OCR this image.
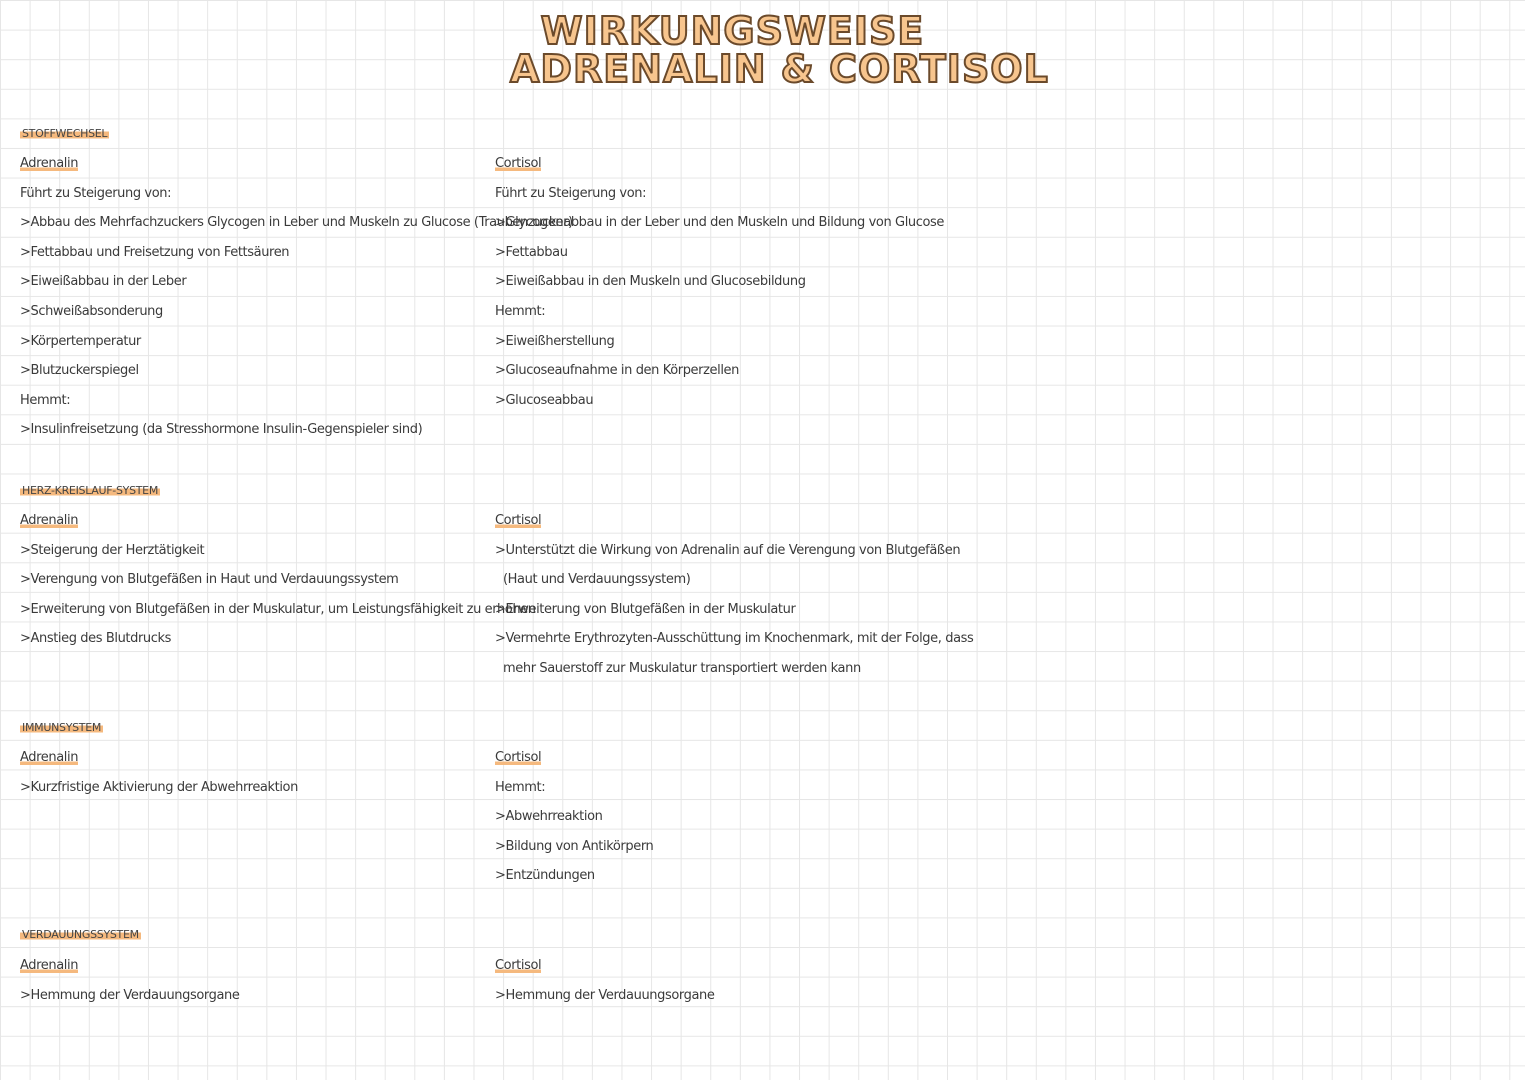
WIRKUNGSWEISE
ADRENALIN & CORTISOL
STOFFWECHSEL
Adrenalin
Führt zu Steigerung von:
>Abbau des Mehrfachzuckers Glycogen in Leber und Muskeln zu Glucose (Traubenzucker)
>Fettabbau und Freisetzung von Fettsäuren
>Eiweißabbau in der Leber
>Schweißabsonderung
>Körpertemperatur
>Blutzuckerspiegel
Hemmt:
>Insulinfreisetzung (da Stresshormone Insulin-Gegenspieler sind)
Cortisol
Führt zu Steigerung von:
>Glycogenabbau in der Leber und den Muskeln und Bildung von Glucose
>Fettabbau
>Eiweißabbau in den Muskeln und Glucosebildung
Hemmt:
>Eiweißherstellung
>Glucoseaufnahme in den Körperzellen
>Glucoseabbau
HERZ-KREISLAUF-SYSTEM
Adrenalin
>Steigerung der Herztätigkeit
>Verengung von Blutgefäßen in Haut und Verdauungssystem
>Erweiterung von Blutgefäßen in der Muskulatur, um Leistungsfähigkeit zu erhöhen
>Anstieg des Blutdrucks
Cortisol
>Unterstützt die Wirkung von Adrenalin auf die Verengung von Blutgefäßen
(Haut und Verdauungssystem)
>Erweiterung von Blutgefäßen in der Muskulatur
>Vermehrte Erythrozyten-Ausschüttung im Knochenmark, mit der Folge, dass
mehr Sauerstoff zur Muskulatur transportiert werden kann
IMMUNSYSTEM
Adrenalin
>Kurzfristige Aktivierung der Abwehrreaktion
Cortisol
Hemmt:
>Abwehrreaktion
>Bildung von Antikörpern
>Entzündungen
VERDAUUNGSSYSTEM
Adrenalin
>Hemmung der Verdauungsorgane
Cortisol
>Hemmung der Verdauungsorgane
